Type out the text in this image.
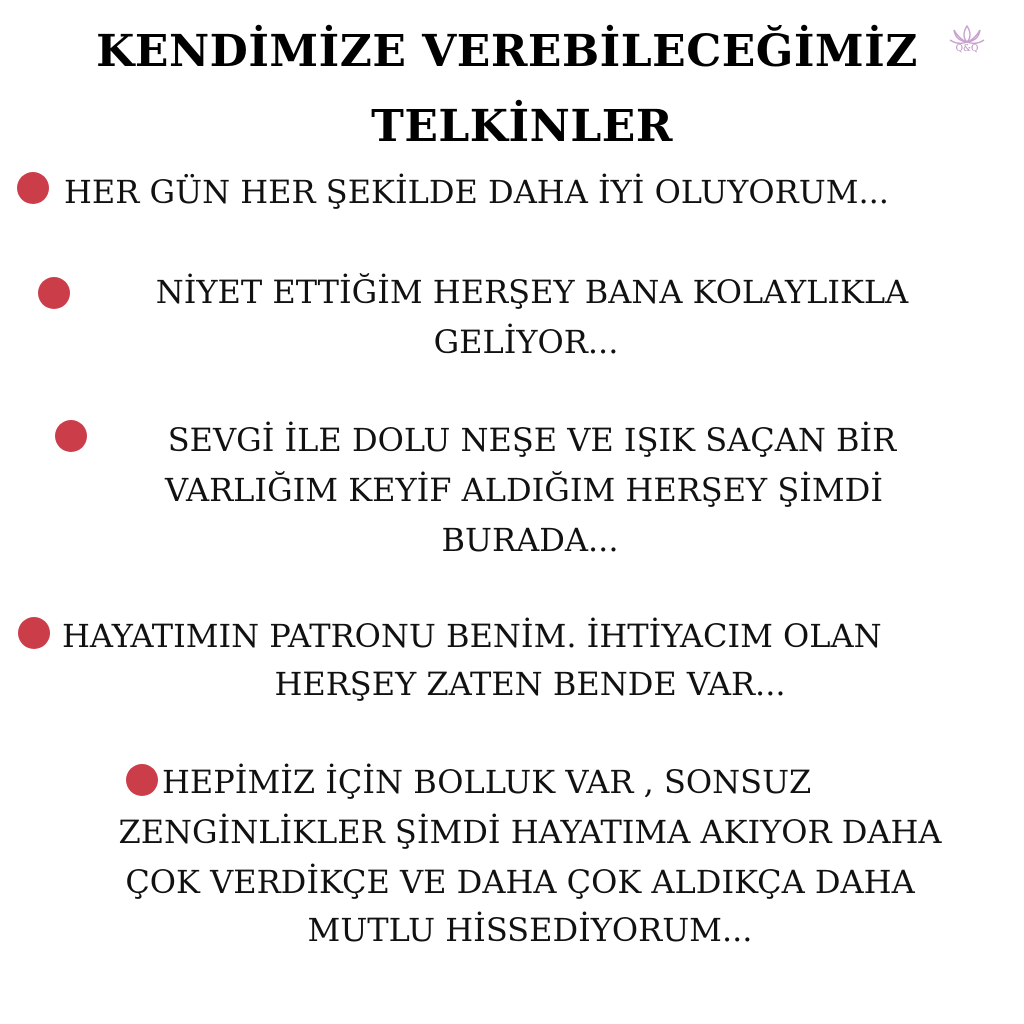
KENDİMİZE VEREBİLECEĞİMİZ
TELKİNLER
Q&Q
HER GÜN HER ŞEKİLDE DAHA İYİ OLUYORUM...
NİYET ETTİĞİM HERŞEY BANA KOLAYLIKLA
GELİYOR...
SEVGİ İLE DOLU NEŞE VE IŞIK SAÇAN BİR
VARLIĞIM KEYİF ALDIĞIM HERŞEY ŞİMDİ
BURADA...
HAYATIMIN PATRONU BENİM. İHTİYACIM OLAN
HERŞEY ZATEN BENDE VAR...
HEPİMİZ İÇİN BOLLUK VAR , SONSUZ
ZENGİNLİKLER ŞİMDİ HAYATIMA AKIYOR DAHA
ÇOK VERDİKÇE VE DAHA ÇOK ALDIKÇA DAHA
MUTLU HİSSEDİYORUM...
